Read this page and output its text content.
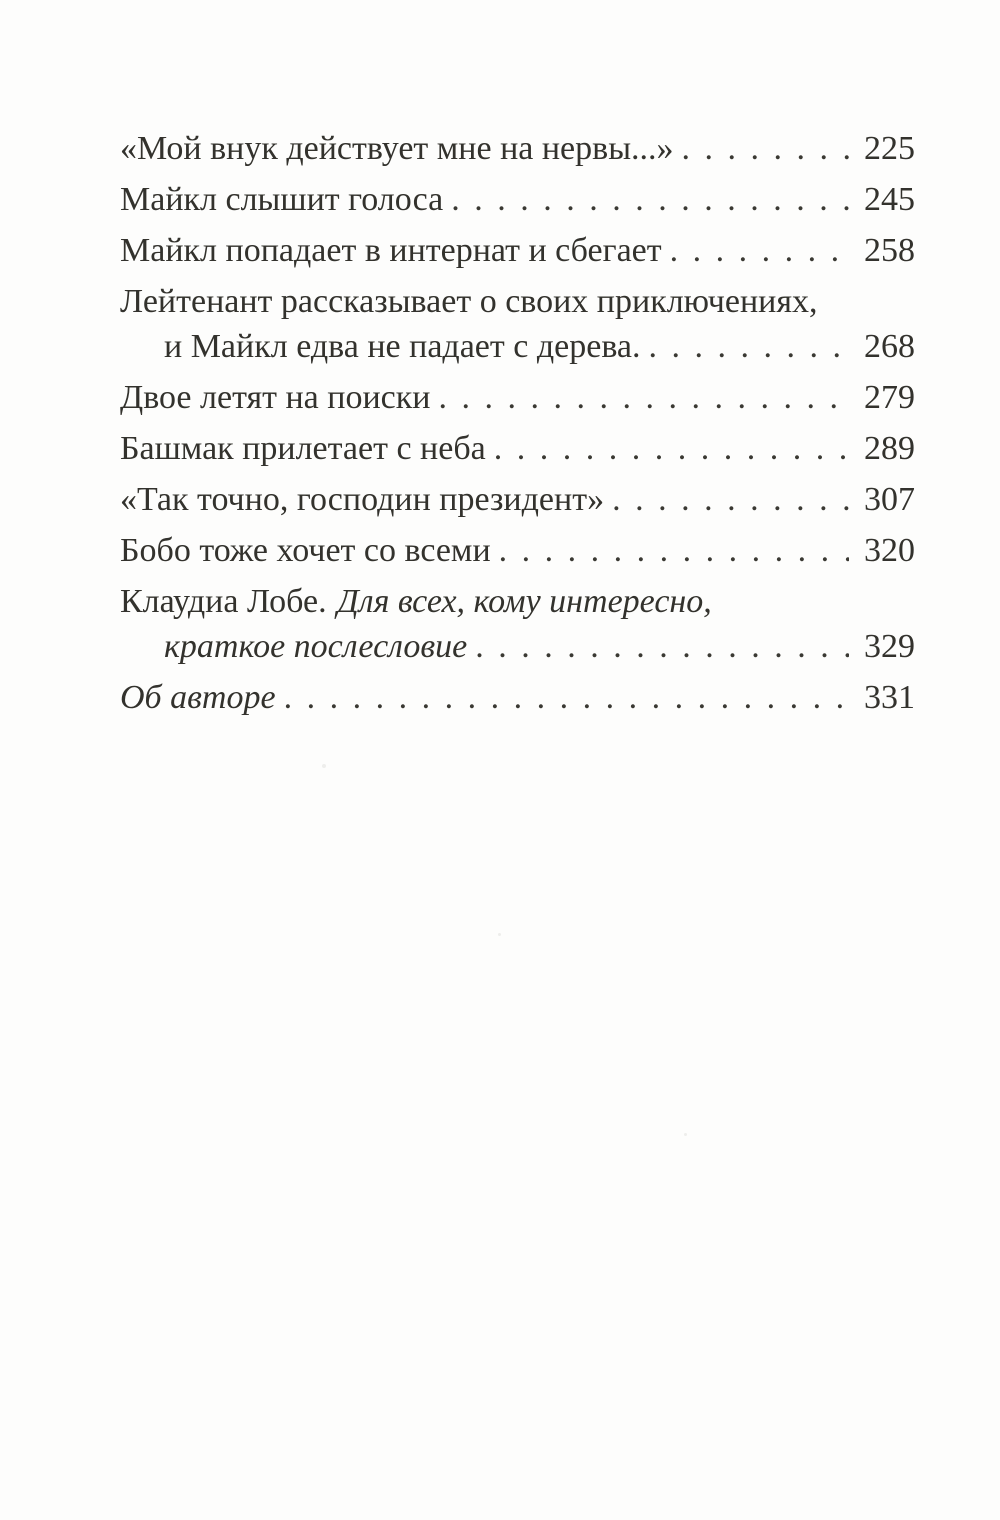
«Мой внук действует мне на нервы...» . . .	225
Майкл слышит голоса . . .	245
Майкл попадает в интернат и сбегает . . .	258
Лейтенант рассказывает о своих приключениях,
и Майкл едва не падает с дерева. . . .	268
Двое летят на поиски . . .	279
Башмак прилетает с неба . . .	289
«Так точно, господин президент» . . .	307
Бобо тоже хочет со всеми . . .	320
Клаудиа Лобе. Для всех, кому интересно,
краткое послесловие . . .	329
Об авторе . . .	331
